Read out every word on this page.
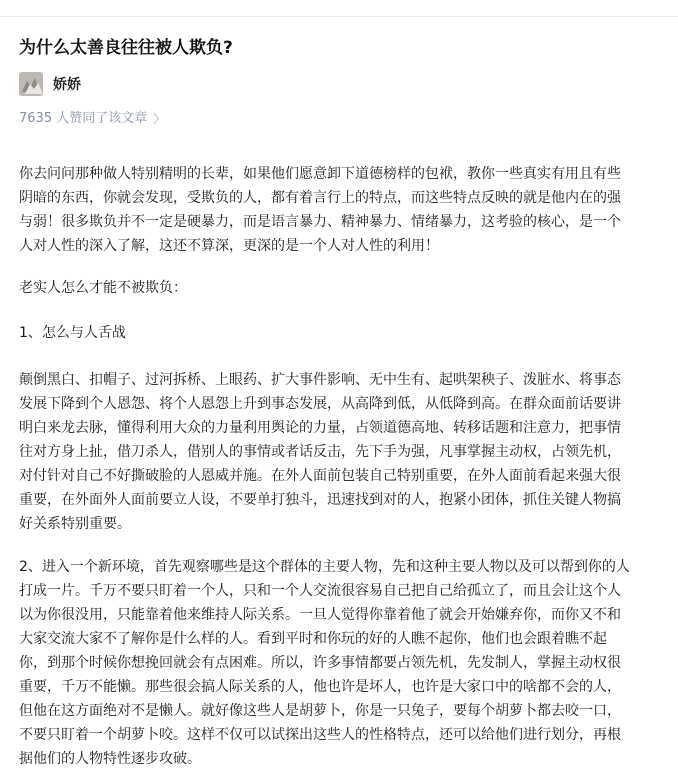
为什么太善良往往被人欺负?
娇娇
7635 人赞同了该文章 〉

你去问问那种做人特别精明的长辈，如果他们愿意卸下道德榜样的包袱，教你一些真实有用且有些
阴暗的东西，你就会发现，受欺负的人，都有着言行上的特点，而这些特点反映的就是他内在的强
与弱！很多欺负并不一定是硬暴力，而是语言暴力、精神暴力、情绪暴力，这考验的核心，是一个
人对人性的深入了解，这还不算深，更深的是一个人对人性的利用！

老实人怎么才能不被欺负：

1、怎么与人舌战

颠倒黑白、扣帽子、过河拆桥、上眼药、扩大事件影响、无中生有、起哄架秧子、泼脏水、将事态
发展下降到个人恩怨、将个人恩怨上升到事态发展，从高降到低，从低降到高。在群众面前话要讲
明白来龙去脉，懂得利用大众的力量利用舆论的力量，占领道德高地、转移话题和注意力，把事情
往对方身上扯，借刀杀人，借别人的事情或者话反击，先下手为强，凡事掌握主动权，占领先机，
对付针对自己不好撕破脸的人恩威并施。在外人面前包装自己特别重要，在外人面前看起来强大很
重要，在外面外人面前要立人设，不要单打独斗，迅速找到对的人，抱紧小团体，抓住关键人物搞
好关系特别重要。

2、进入一个新环境，首先观察哪些是这个群体的主要人物，先和这种主要人物以及可以帮到你的人
打成一片。千万不要只盯着一个人，只和一个人交流很容易自己把自己给孤立了，而且会让这个人
以为你很没用，只能靠着他来维持人际关系。一旦人觉得你靠着他了就会开始嫌弃你，而你又不和
大家交流大家不了解你是什么样的人。看到平时和你玩的好的人瞧不起你，他们也会跟着瞧不起
你，到那个时候你想挽回就会有点困难。所以，许多事情都要占领先机，先发制人，掌握主动权很
重要，千万不能懒。那些很会搞人际关系的人，他也许是坏人，也许是大家口中的啥都不会的人，
但他在这方面绝对不是懒人。就好像这些人是胡萝卜，你是一只兔子，要每个胡萝卜都去咬一口，
不要只盯着一个胡萝卜咬。这样不仅可以试探出这些人的性格特点，还可以给他们进行划分，再根
据他们的人物特性逐步攻破。
